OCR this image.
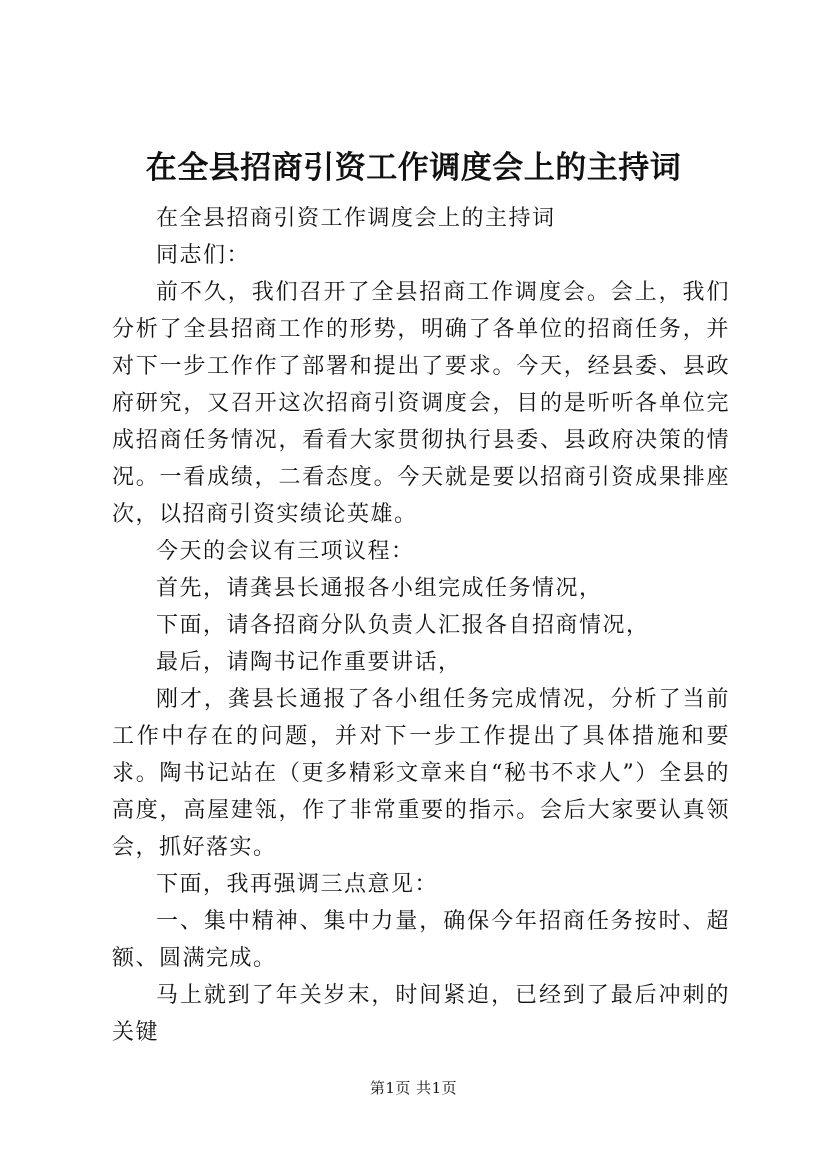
在全县招商引资工作调度会上的主持词

在全县招商引资工作调度会上的主持词

同志们：

前不久，我们召开了全县招商工作调度会。会上，我们分析了全县招商工作的形势，明确了各单位的招商任务，并对下一步工作作了部署和提出了要求。今天，经县委、县政府研究，又召开这次招商引资调度会，目的是听听各单位完成招商任务情况，看看大家贯彻执行县委、县政府决策的情况。一看成绩，二看态度。今天就是要以招商引资成果排座次，以招商引资实绩论英雄。

今天的会议有三项议程：

首先，请龚县长通报各小组完成任务情况，

下面，请各招商分队负责人汇报各自招商情况，

最后，请陶书记作重要讲话，

刚才，龚县长通报了各小组任务完成情况，分析了当前工作中存在的问题，并对下一步工作提出了具体措施和要求。陶书记站在（更多精彩文章来自“秘书不求人”）全县的高度，高屋建瓴，作了非常重要的指示。会后大家要认真领会，抓好落实。

下面，我再强调三点意见：

一、集中精神、集中力量，确保今年招商任务按时、超额、圆满完成。

马上就到了年关岁末，时间紧迫，已经到了最后冲刺的关键

第1页 共1页
